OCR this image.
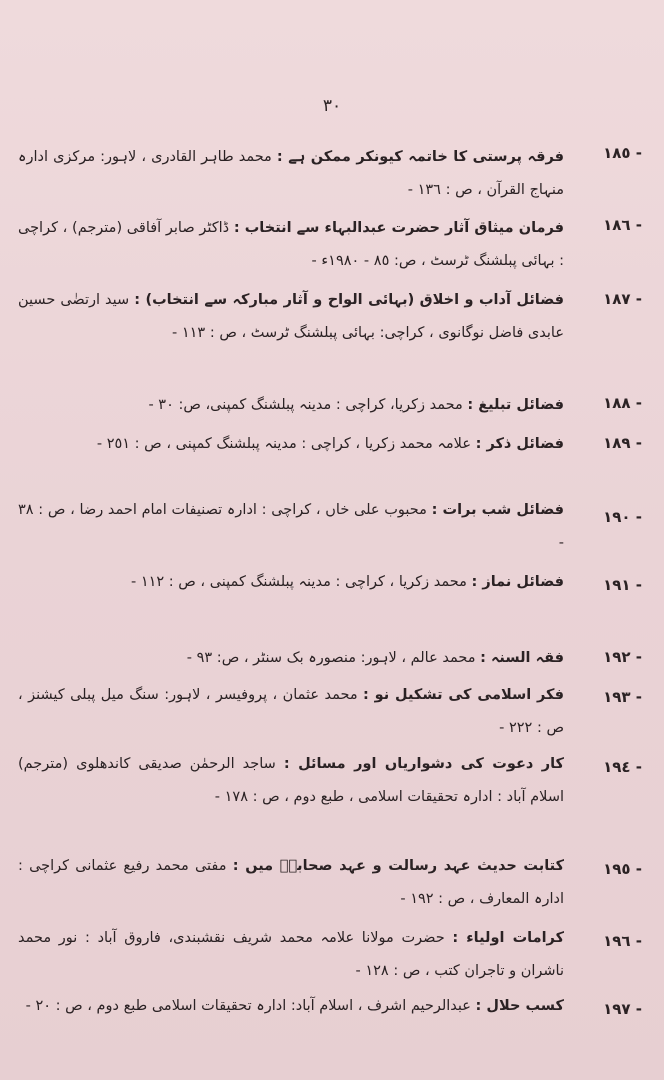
٣٠
١٨٥ -
فرقہ پرستی کا خاتمہ کیونکر ممکن ہے : محمد طاہر القادری ، لاہور: مرکزی ادارہ منہاج القرآن ، ص : ١٣٦ -
١٨٦ -
فرمان میثاق آثار حضرت عبدالبہاء سے انتخاب : ڈاکٹر صابر آفاقی (مترجم) ، کراچی : بہائی پبلشنگ ٹرسٹ ، ص: ٨٥ - ١٩٨٠ء -
١٨٧ -
فضائل آداب و اخلاق (بہائی الواح و آثار مبارکہ سے انتخاب) : سید ارتضٰی حسین عابدی فاضل نوگانوی ، کراچی: بہائی پبلشنگ ٹرسٹ ، ص : ١١٣ -
١٨٨ -
فضائل تبلیغ : محمد زکریا، کراچی : مدینہ پبلشنگ کمپنی، ص: ٣٠ -
١٨٩ -
فضائل ذکر : علامہ محمد زکریا ، کراچی : مدینہ پبلشنگ کمپنی ، ص : ٢٥١ -
١٩٠ -
فضائل شب برات : محبوب علی خاں ، کراچی : ادارہ تصنیفات امام احمد رضا ، ص : ٣٨ -
١٩١ -
فضائل نماز : محمد زکریا ، کراچی : مدینہ پبلشنگ کمپنی ، ص : ١١٢ -
١٩٢ -
فقہ السنہ : محمد عالم ، لاہور: منصورہ بک سنٹر ، ص: ٩٣ -
١٩٣ -
فکر اسلامی کی تشکیل نو : محمد عثمان ، پروفیسر ، لاہور: سنگ میل پبلی کیشنز ، ص : ٢٢٢ -
١٩٤ -
کار دعوت کی دشواریاں اور مسائل : ساجد الرحمٰن صدیقی کاندھلوی (مترجم) اسلام آباد : ادارہ تحقیقات اسلامی ، طبع دوم ، ص : ١٧٨ -
١٩٥ -
کتابت حدیث عہد رسالت و عہد صحابہؓ میں : مفتی محمد رفیع عثمانی کراچی : ادارہ المعارف ، ص : ١٩٢ -
١٩٦ -
کرامات اولیاء : حضرت مولانا علامہ محمد شریف نقشبندی، فاروق آباد : نور محمد ناشران و تاجران کتب ، ص : ١٢٨ -
١٩٧ -
کسب حلال : عبدالرحیم اشرف ، اسلام آباد: ادارہ تحقیقات اسلامی طبع دوم ، ص : ٢٠ -
